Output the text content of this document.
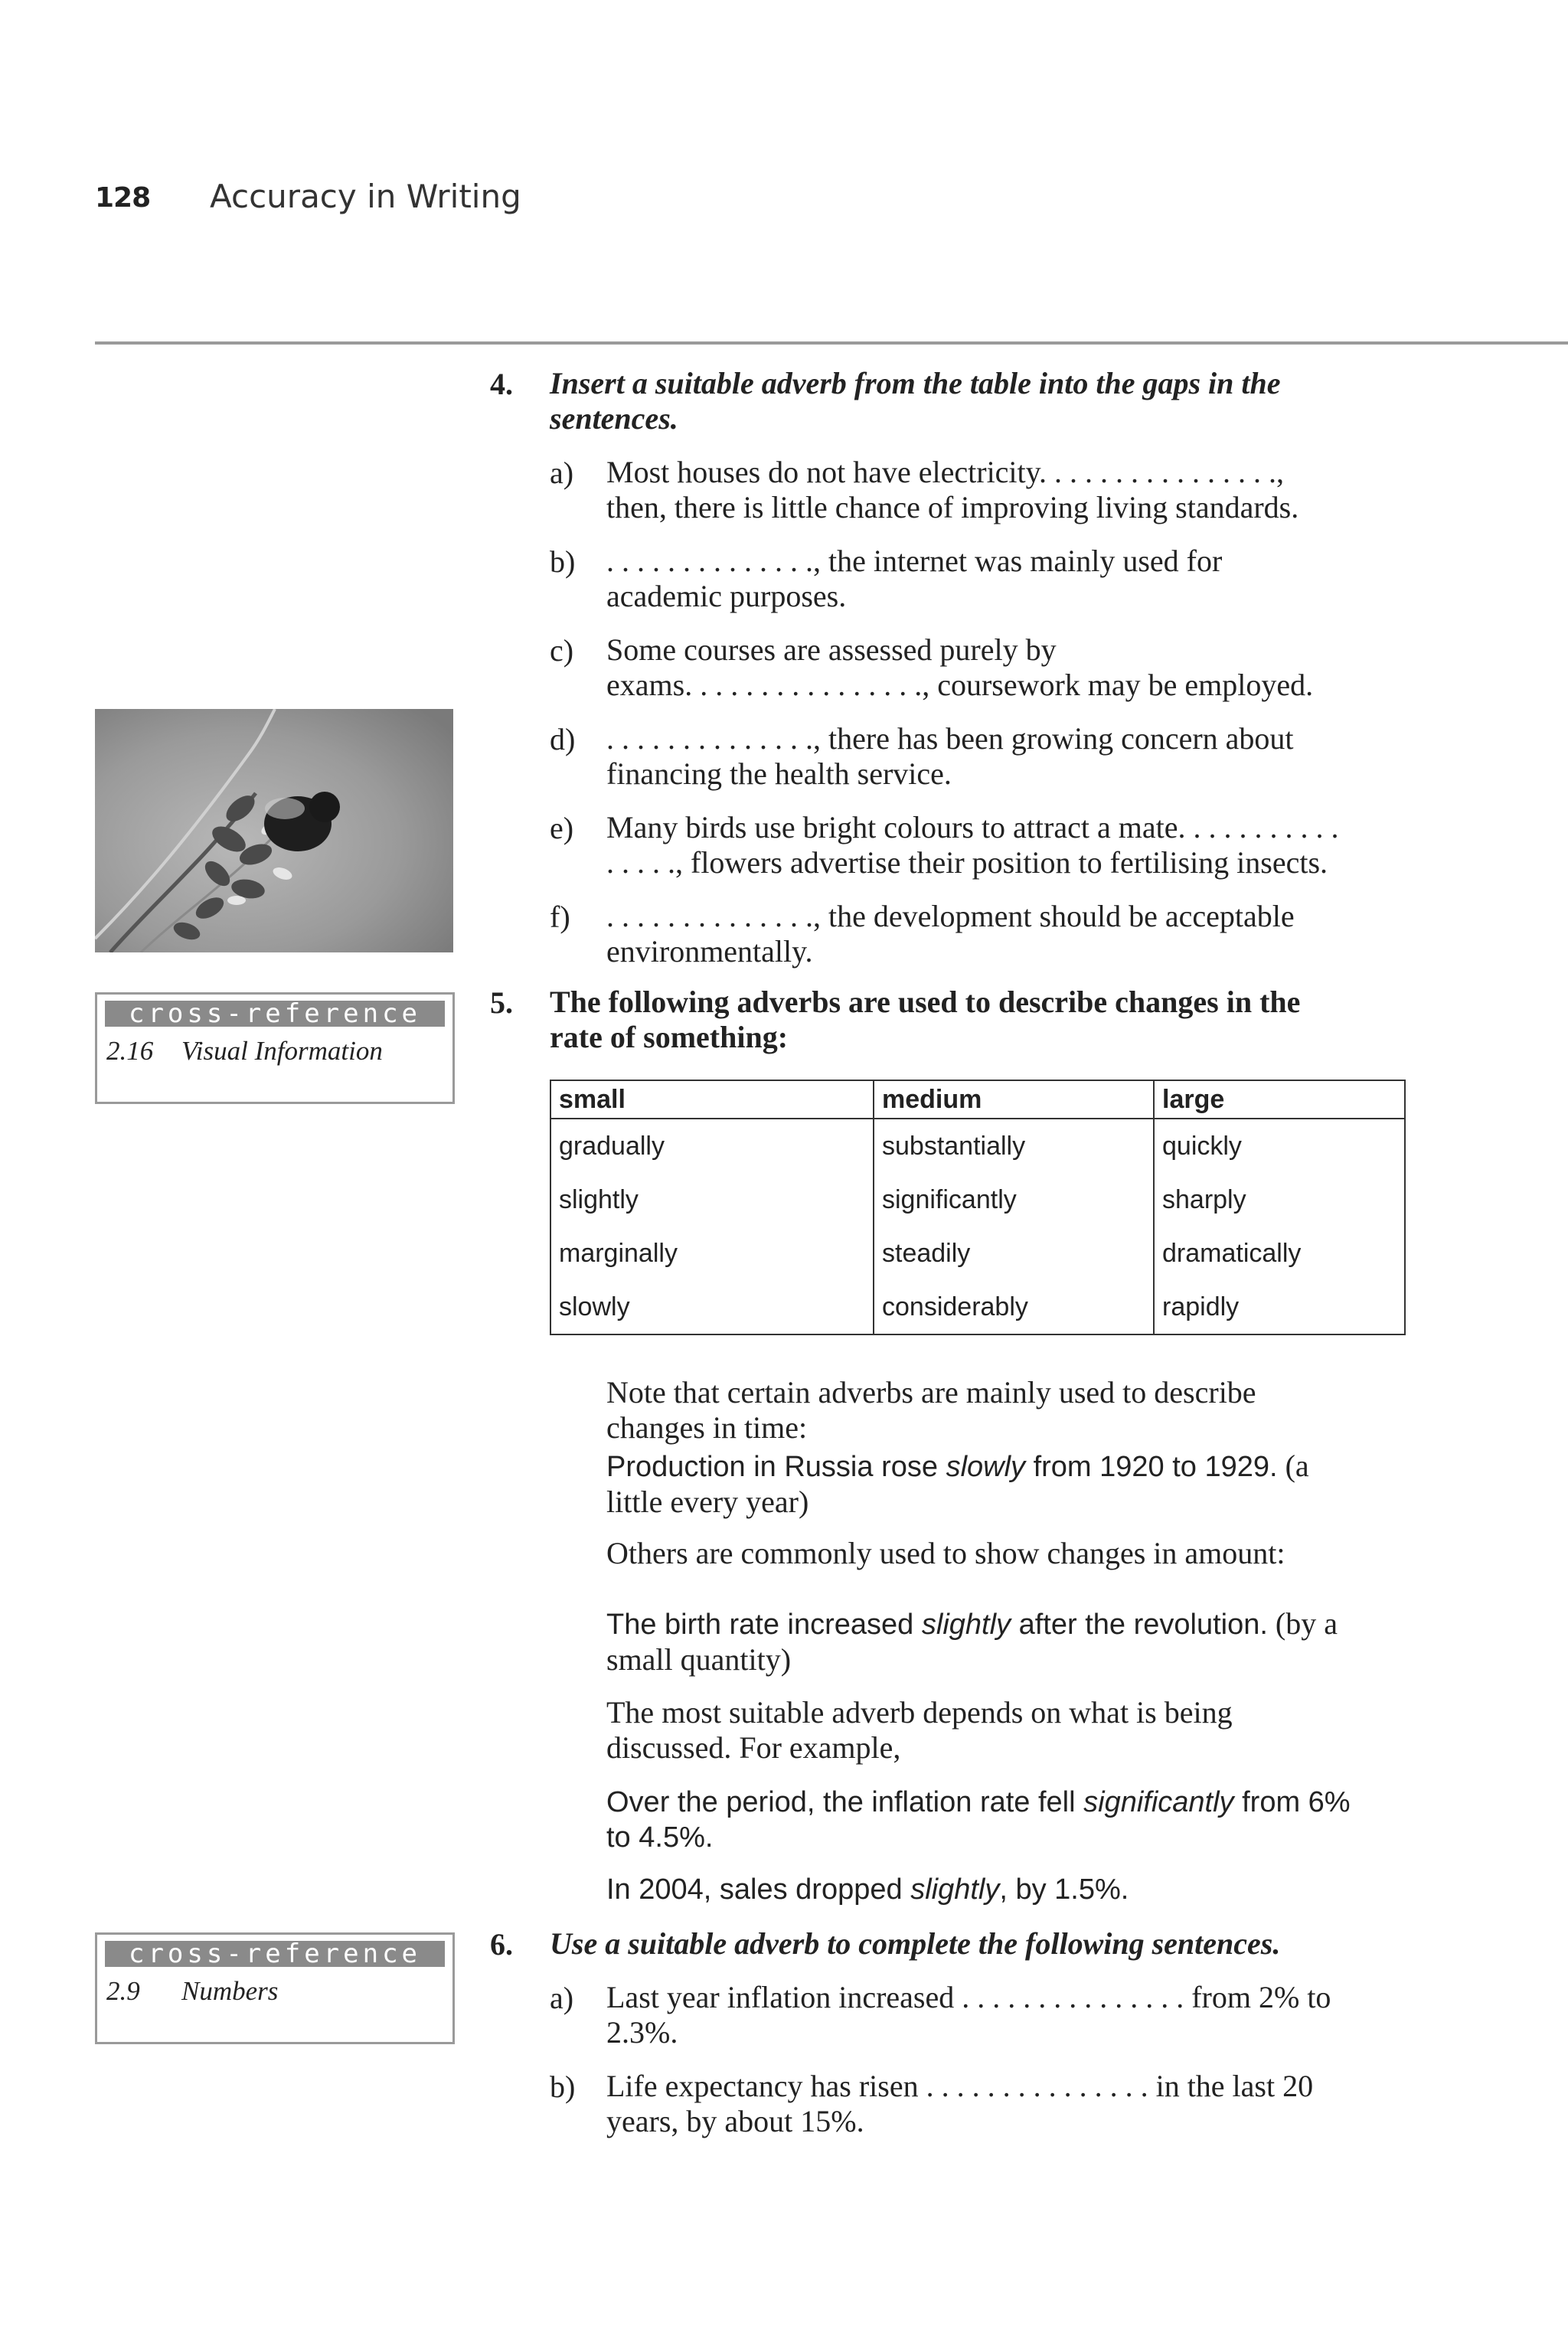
128 Accuracy in Writing
cross-reference
2.16 Visual Information
cross-reference
2.9 Numbers
4. Insert a suitable adverb from the table into the gaps in the
sentences.
a) Most houses do not have electricity. . . . . . . . . . . . . . . .,
then, there is little chance of improving living standards.
b) . . . . . . . . . . . . . ., the internet was mainly used for
academic purposes.
c) Some courses are assessed purely by
exams. . . . . . . . . . . . . . . ., coursework may be employed.
d) . . . . . . . . . . . . . ., there has been growing concern about
financing the health service.
e) Many birds use bright colours to attract a mate. . . . . . . . . . .
. . . . ., flowers advertise their position to fertilising insects.
f) . . . . . . . . . . . . . ., the development should be acceptable
environmentally.
5. The following adverbs are used to describe changes in the
rate of something:
small	medium	large
gradually	substantially	quickly
slightly	significantly	sharply
marginally	steadily	dramatically
slowly	considerably	rapidly
Note that certain adverbs are mainly used to describe
changes in time:
Production in Russia rose slowly from 1920 to 1929. (a
little every year)
Others are commonly used to show changes in amount:
The birth rate increased slightly after the revolution. (by a
small quantity)
The most suitable adverb depends on what is being
discussed. For example,
Over the period, the inflation rate fell significantly from 6%
to 4.5%.
In 2004, sales dropped slightly, by 1.5%.
6. Use a suitable adverb to complete the following sentences.
a) Last year inflation increased . . . . . . . . . . . . . . . from 2% to
2.3%.
b) Life expectancy has risen . . . . . . . . . . . . . . . in the last 20
years, by about 15%.
